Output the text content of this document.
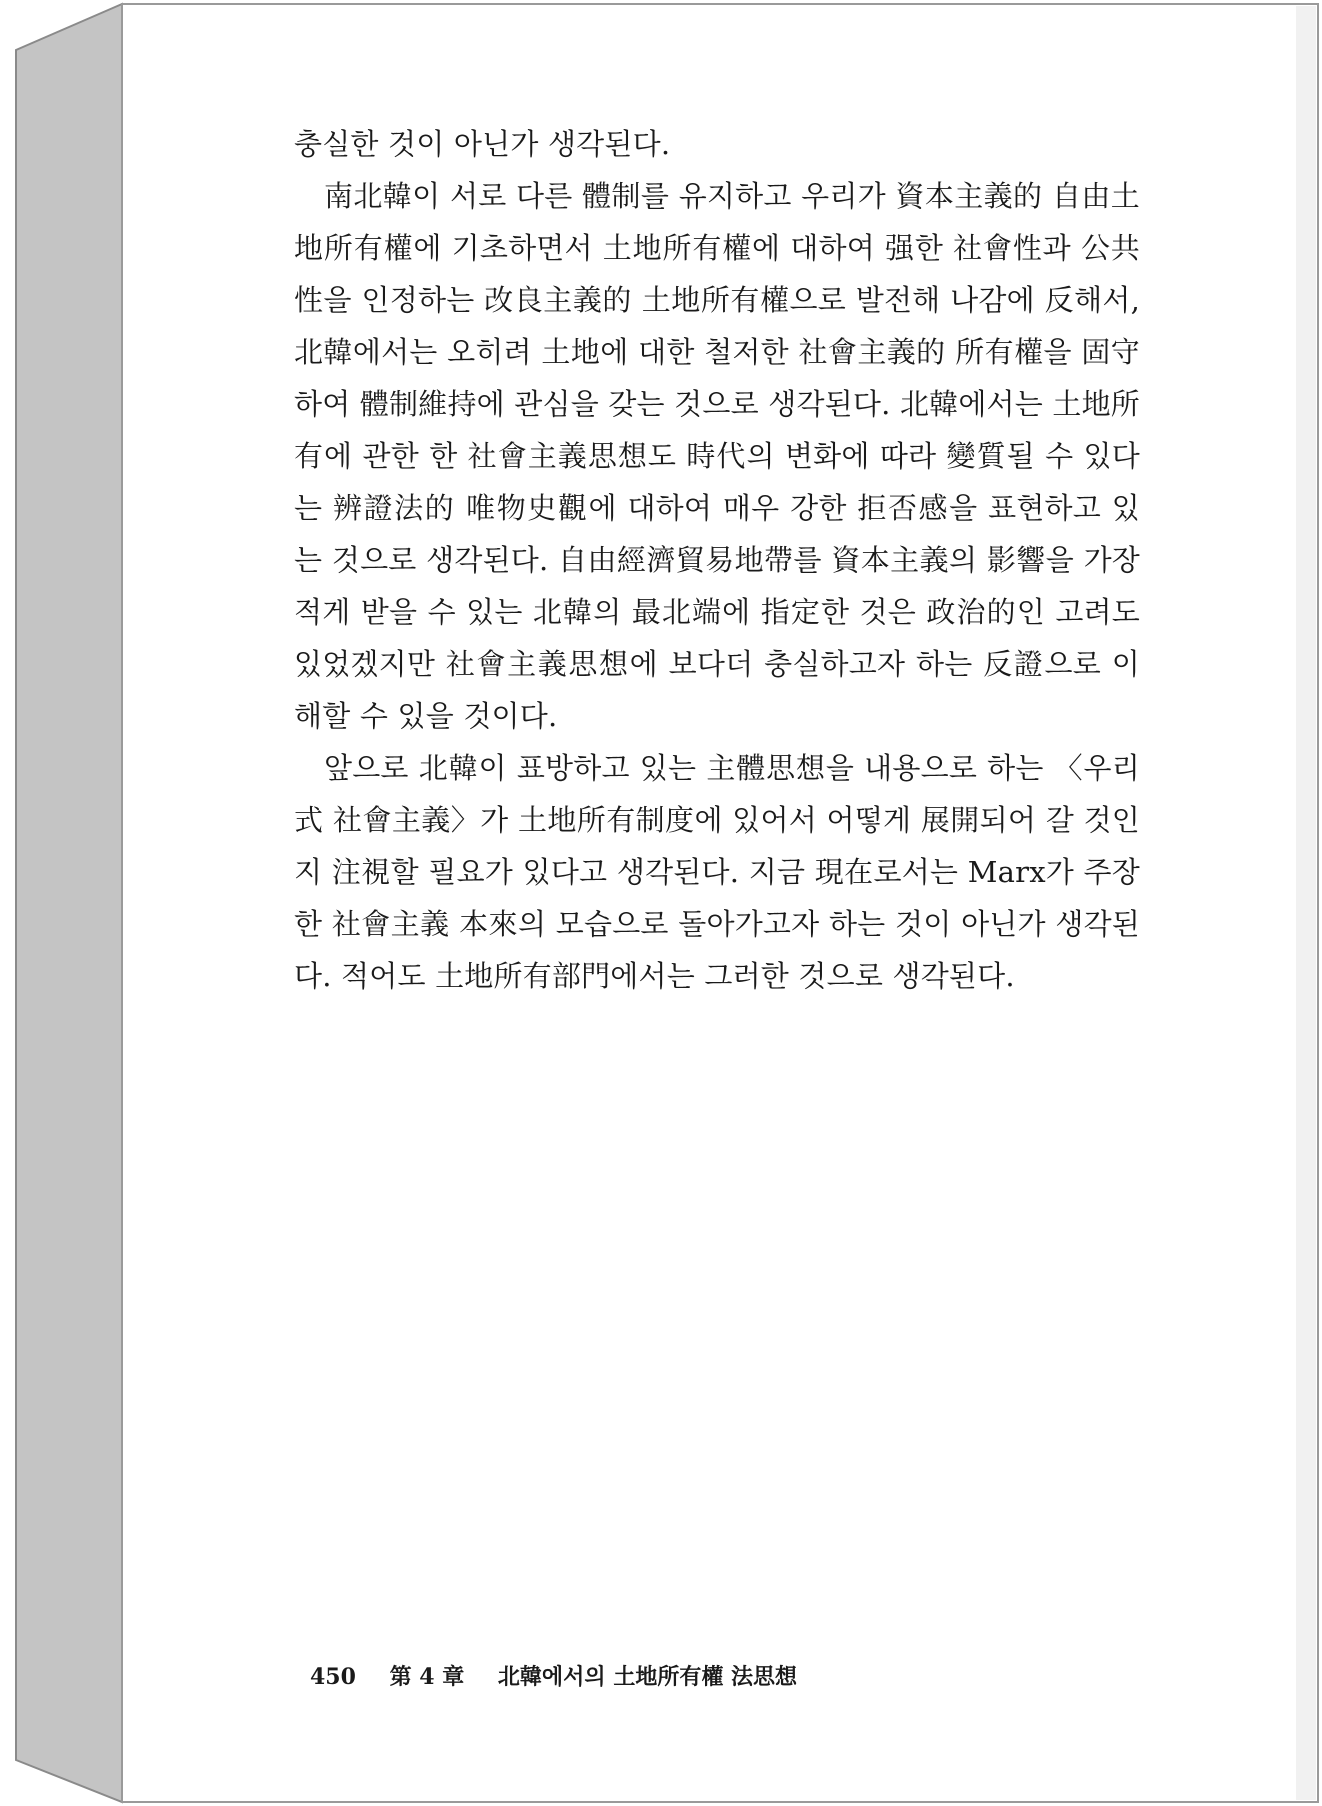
충실한 것이 아닌가 생각된다.

南北韓이 서로 다른 體制를 유지하고 우리가 資本主義的 自由土地所有權에 기초하면서 土地所有權에 대하여 强한 社會性과 公共性을 인정하는 改良主義的 土地所有權으로 발전해 나감에 反해서, 北韓에서는 오히려 土地에 대한 철저한 社會主義的 所有權을 固守하여 體制維持에 관심을 갖는 것으로 생각된다. 北韓에서는 土地所有에 관한 한 社會主義思想도 時代의 변화에 따라 變質될 수 있다는 辨證法的 唯物史觀에 대하여 매우 강한 拒否感을 표현하고 있는 것으로 생각된다. 自由經濟貿易地帶를 資本主義의 影響을 가장 적게 받을 수 있는 北韓의 最北端에 指定한 것은 政治的인 고려도 있었겠지만 社會主義思想에 보다더 충실하고자 하는 反證으로 이해할 수 있을 것이다.

앞으로 北韓이 표방하고 있는 主體思想을 내용으로 하는 〈우리式 社會主義〉가 土地所有制度에 있어서 어떻게 展開되어 갈 것인지 注視할 필요가 있다고 생각된다. 지금 現在로서는 Marx가 주장한 社會主義 本來의 모습으로 돌아가고자 하는 것이 아닌가 생각된다. 적어도 土地所有部門에서는 그러한 것으로 생각된다.

450 第 4 章 北韓에서의 土地所有權 法思想
